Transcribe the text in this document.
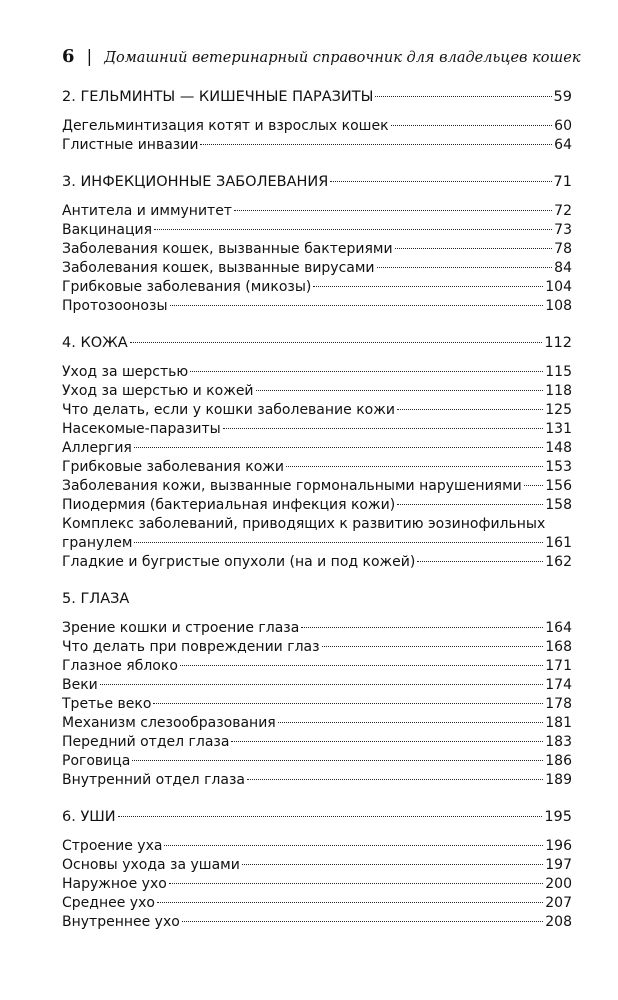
6 | Домашний ветеринарный справочник для владельцев кошек
2. ГЕЛЬМИНТЫ — КИШЕЧНЫЕ ПАРАЗИТЫ	59
Дегельминтизация котят и взрослых кошек	60
Глистные инвазии	64
3. ИНФЕКЦИОННЫЕ ЗАБОЛЕВАНИЯ	71
Антитела и иммунитет	72
Вакцинация	73
Заболевания кошек, вызванные бактериями	78
Заболевания кошек, вызванные вирусами	84
Грибковые заболевания (микозы)	104
Протозоонозы	108
4. КОЖА	112
Уход за шерстью	115
Уход за шерстью и кожей	118
Что делать, если у кошки заболевание кожи	125
Насекомые-паразиты	131
Аллергия	148
Грибковые заболевания кожи	153
Заболевания кожи, вызванные гормональными нарушениями 156
Пиодермия (бактериальная инфекция кожи)	158
Комплекс заболеваний, приводящих к развитию эозинофильных
гранулем	161
Гладкие и бугристые опухоли (на и под кожей)	162
5. ГЛАЗА
Зрение кошки и строение глаза	164
Что делать при повреждении глаз	168
Глазное яблоко	171
Веки	174
Третье веко	178
Механизм слезообразования	181
Передний отдел глаза	183
Роговица	186
Внутренний отдел глаза	189
6. УШИ	195
Строение уха	196
Основы ухода за ушами	197
Наружное ухо	200
Среднее ухо	207
Внутреннее ухо	208
